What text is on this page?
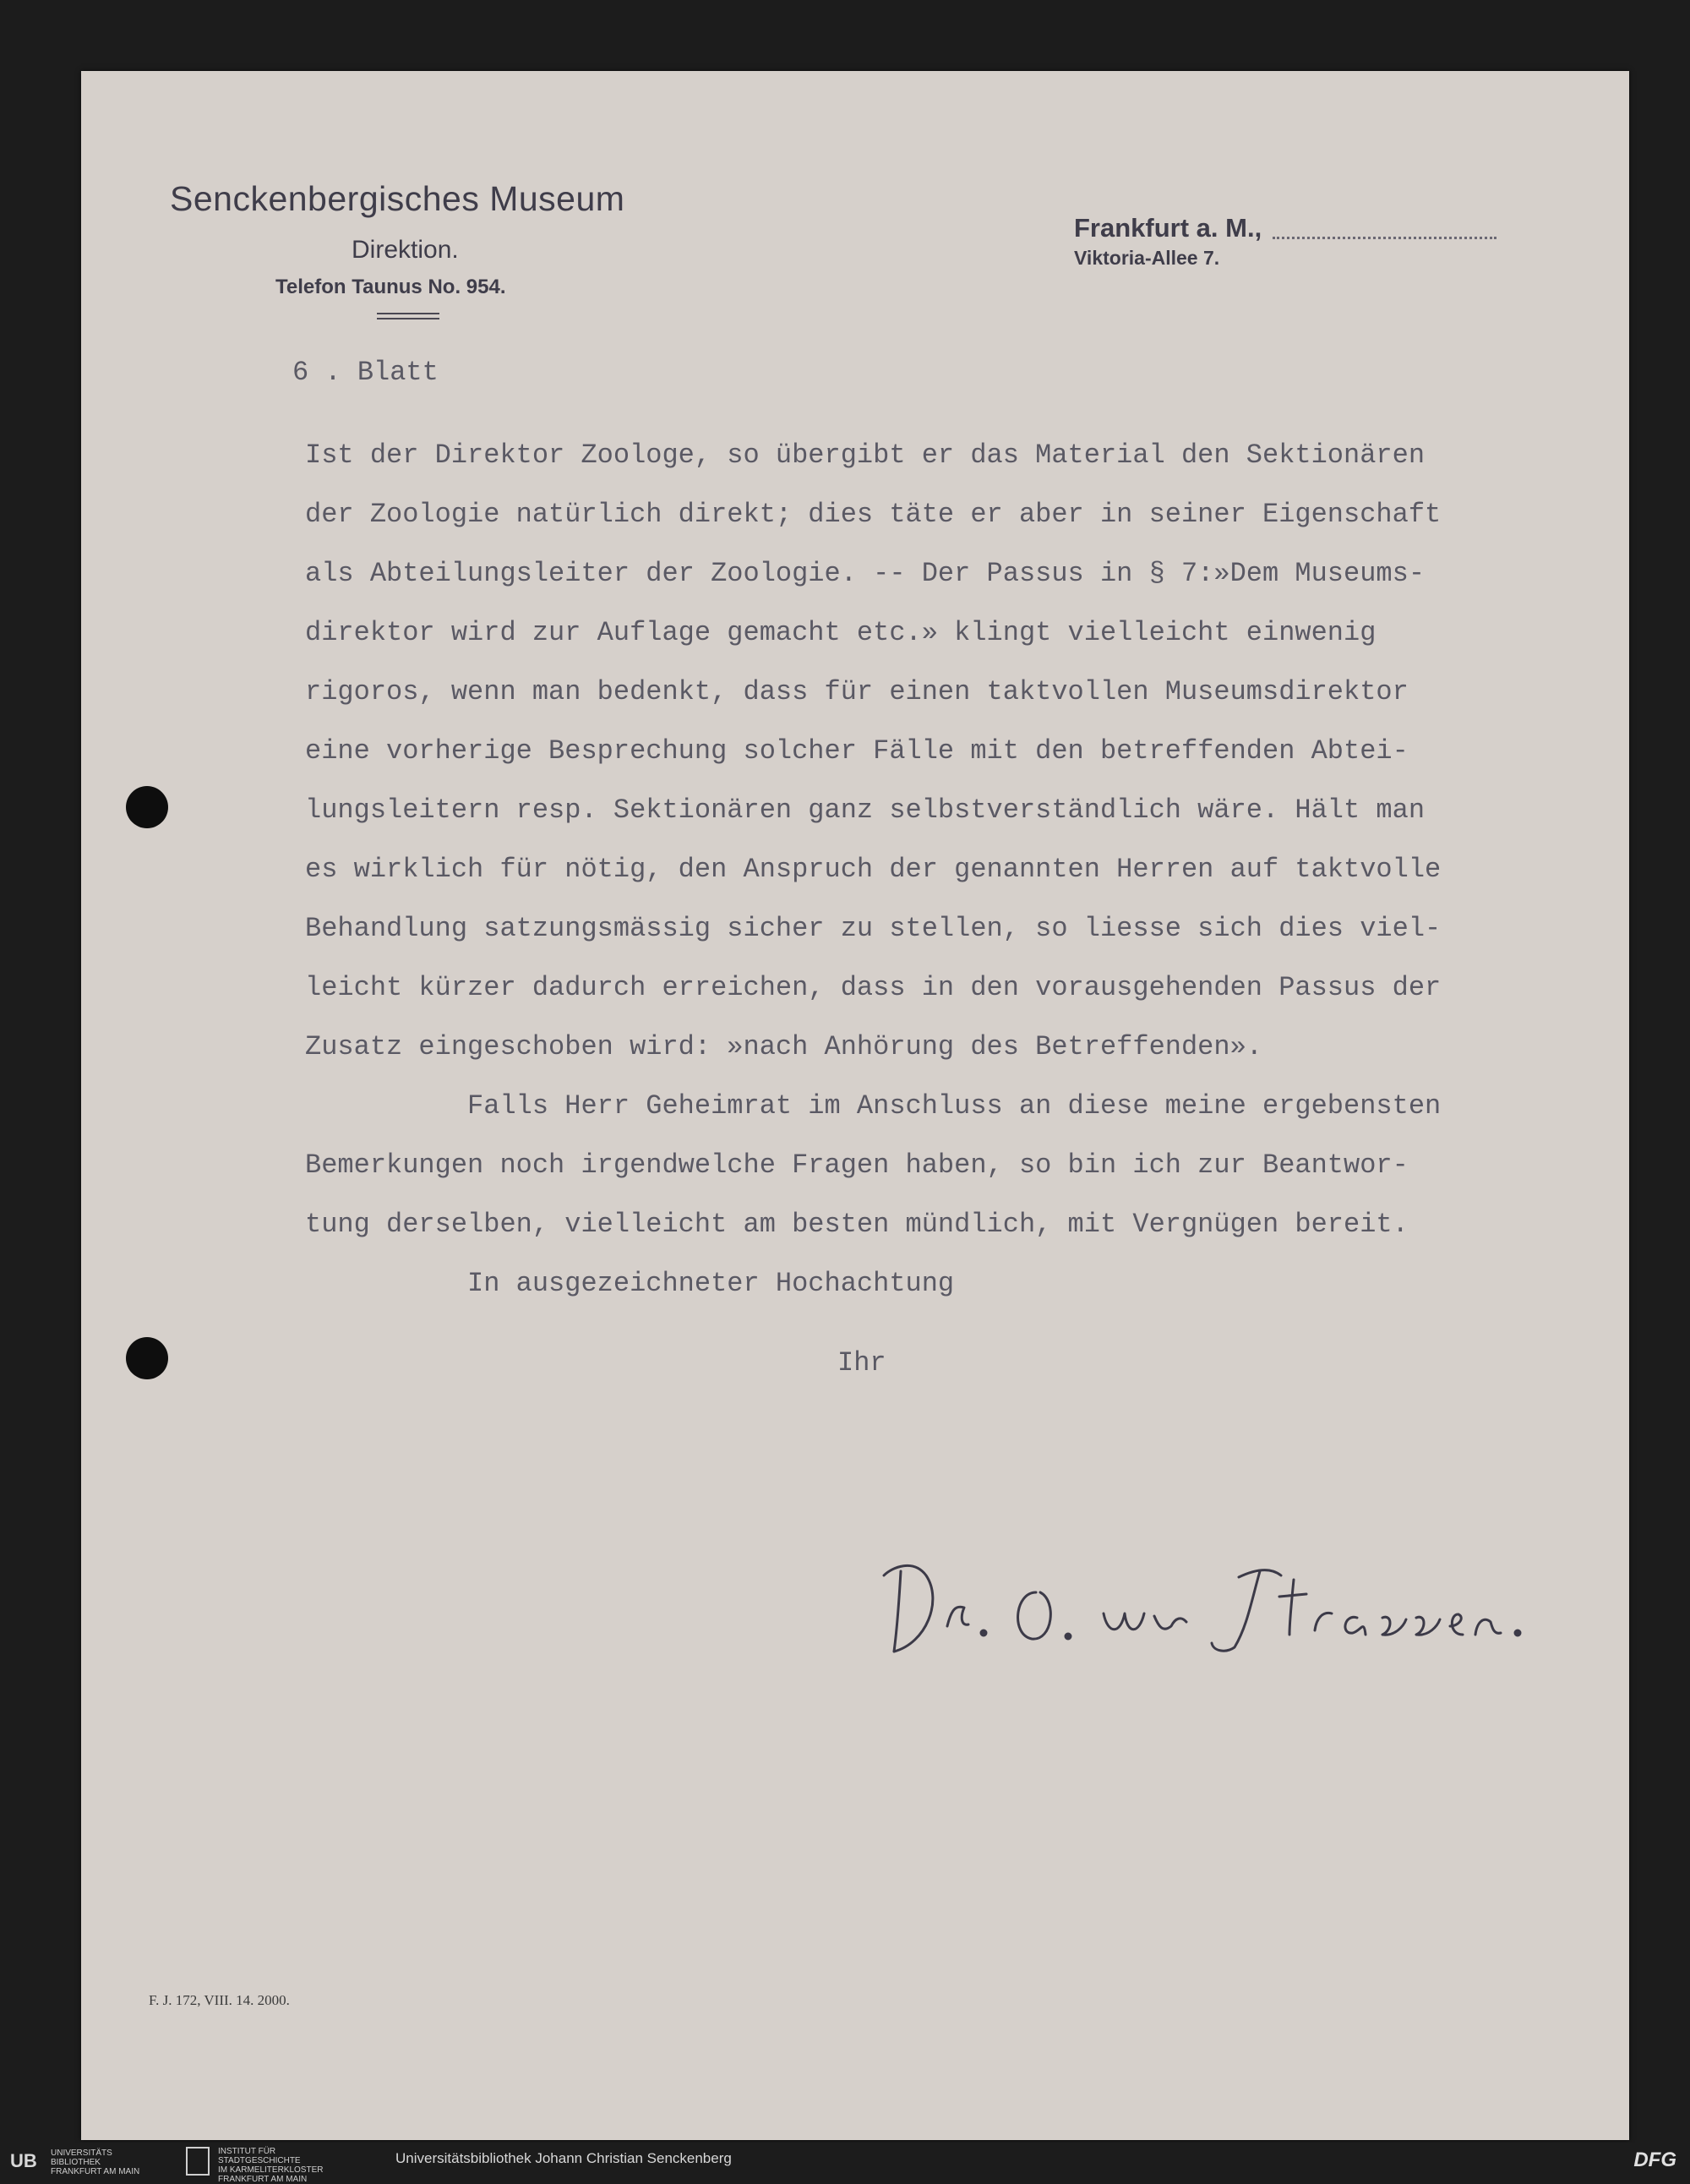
Senckenbergisches Museum
Direktion.
Telefon Taunus No. 954.
Frankfurt a. M.,
Viktoria-Allee 7.
6 . Blatt
Ist der Direktor Zoologe, so übergibt er das Material den Sektionären
der Zoologie natürlich direkt; dies täte er aber in seiner Eigenschaft
als Abteilungsleiter der Zoologie. -- Der Passus in § 7:»Dem Museums-
direktor wird zur Auflage gemacht etc.» klingt vielleicht einwenig
rigoros, wenn man bedenkt, dass für einen taktvollen Museumsdirektor
eine vorherige Besprechung solcher Fälle mit den betreffenden Abtei-
lungsleitern resp. Sektionären ganz selbstverständlich wäre. Hält man
es wirklich für nötig, den Anspruch der genannten Herren auf taktvolle
Behandlung satzungsmässig sicher zu stellen, so liesse sich dies viel-
leicht kürzer dadurch erreichen, dass in den vorausgehenden Passus der
Zusatz eingeschoben wird: »nach Anhörung des Betreffenden».
Falls Herr Geheimrat im Anschluss an diese meine ergebensten
Bemerkungen noch irgendwelche Fragen haben, so bin ich zur Beantwor-
tung derselben, vielleicht am besten mündlich, mit Vergnügen bereit.
In ausgezeichneter Hochachtung
Ihr
F. J. 172, VIII. 14. 2000.
UB UNIVERSITÄTS
BIBLIOTHEK
FRANKFURT AM MAIN
INSTITUT FÜR
STADTGESCHICHTE
IM KARMELITERKLOSTER
FRANKFURT AM MAIN
Universitätsbibliothek Johann Christian Senckenberg	DFG
